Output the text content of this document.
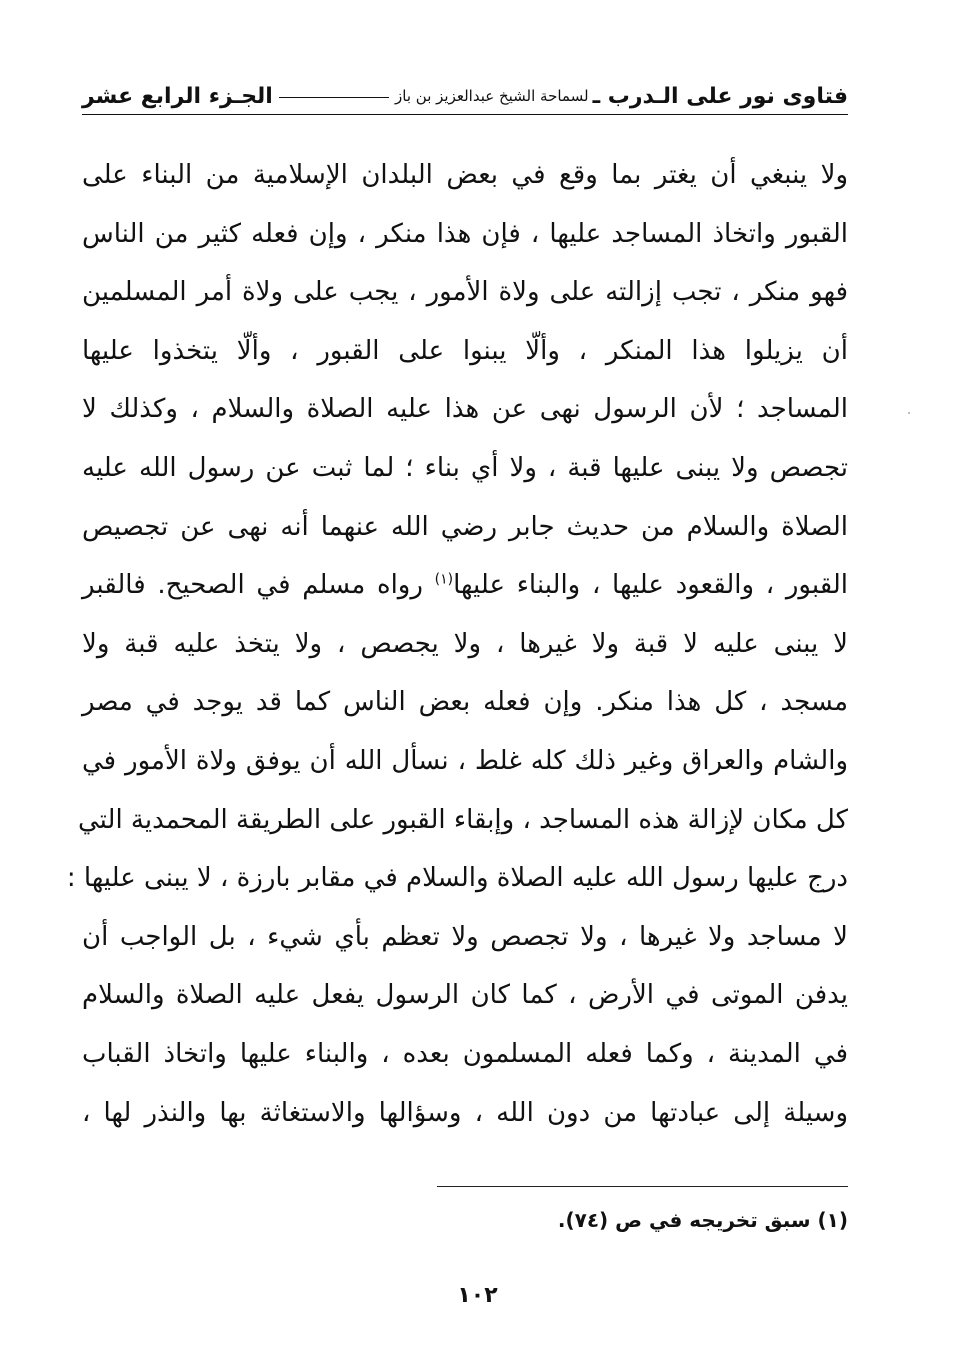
فتاوى نور على الـدرب ـ
لسماحة الشيخ عبدالعزيز بن باز
الجـزء الرابع عشر
ولا ينبغي أن يغتر بما وقع في بعض البلدان الإسلامية من البناء على
القبور واتخاذ المساجد عليها ، فإن هذا منكر ، وإن فعله كثير من الناس
فهو منكر ، تجب إزالته على ولاة الأمور ، يجب على ولاة أمر المسلمين
أن يزيلوا هذا المنكر ، وألّا يبنوا على القبور ، وألّا يتخذوا عليها
المساجد ؛ لأن الرسول نهى عن هذا عليه الصلاة والسلام ، وكذلك لا
تجصص ولا يبنى عليها قبة ، ولا أي بناء ؛ لما ثبت عن رسول الله عليه
الصلاة والسلام من حديث جابر رضي الله عنهما أنه نهى عن تجصيص
القبور ، والقعود عليها ، والبناء عليها$^{(١)}$ رواه مسلم في الصحيح. فالقبر
لا يبنى عليه لا قبة ولا غيرها ، ولا يجصص ، ولا يتخذ عليه قبة ولا
مسجد ، كل هذا منكر. وإن فعله بعض الناس كما قد يوجد في مصر
والشام والعراق وغير ذلك كله غلط ، نسأل الله أن يوفق ولاة الأمور في
كل مكان لإزالة هذه المساجد ، وإبقاء القبور على الطريقة المحمدية التي
درج عليها رسول الله عليه الصلاة والسلام في مقابر بارزة ، لا يبنى عليها :
لا مساجد ولا غيرها ، ولا تجصص ولا تعظم بأي شيء ، بل الواجب أن
يدفن الموتى في الأرض ، كما كان الرسول يفعل عليه الصلاة والسلام
في المدينة ، وكما فعله المسلمون بعده ، والبناء عليها واتخاذ القباب
وسيلة إلى عبادتها من دون الله ، وسؤالها والاستغاثة بها والنذر لها ،
(١) سبق تخريجه في ص (٧٤).
١٠٢
